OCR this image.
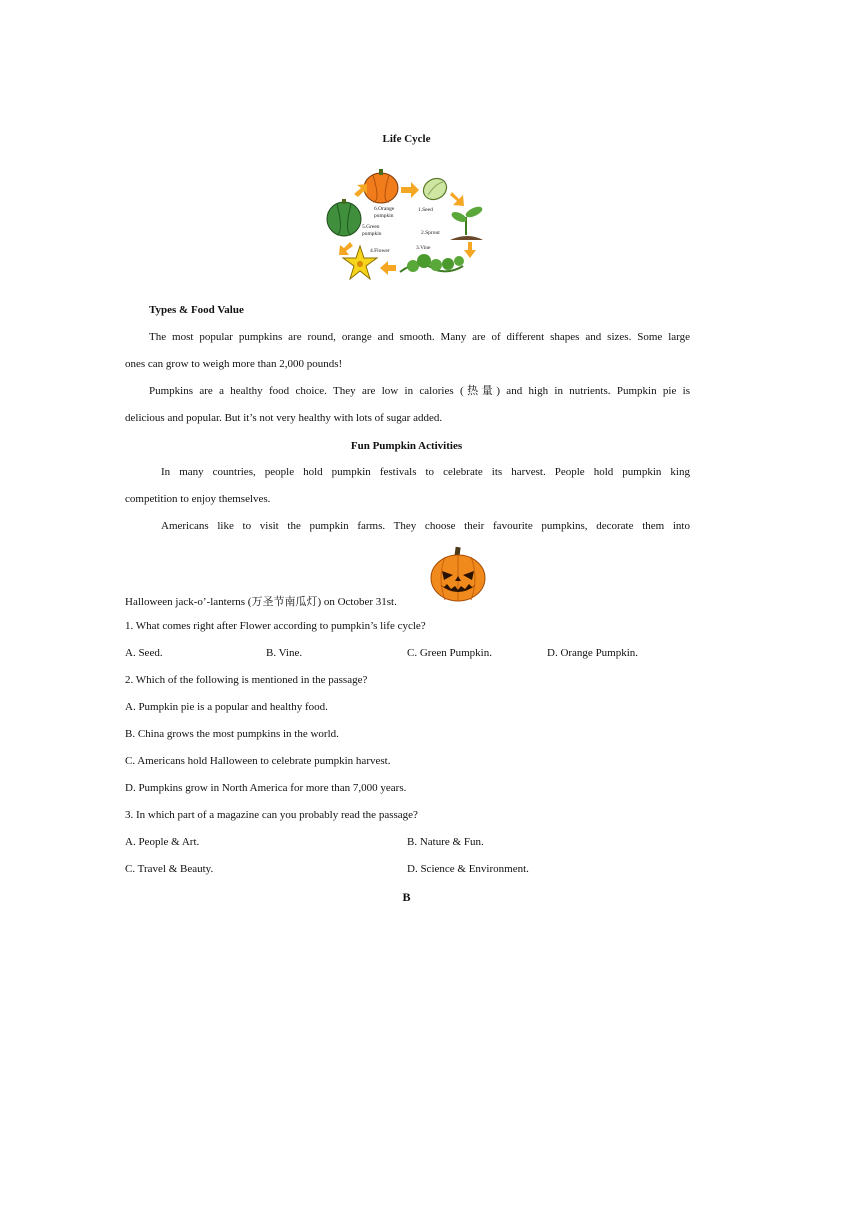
Life Cycle
6.Orange
pumpkin
1.Seed
2.Sprout
3.Vine
4.Flower
5.Green
pumpkin
Types & Food Value
The most popular pumpkins are round, orange and smooth. Many are of different shapes and sizes. Some large
ones can grow to weigh more than 2,000 pounds!
Pumpkins are a healthy food choice. They are low in calories (热量) and high in nutrients. Pumpkin pie is
delicious and popular. But it’s not very healthy with lots of sugar added.
Fun Pumpkin Activities
In many countries, people hold pumpkin festivals to celebrate its harvest. People hold pumpkin king
competition to enjoy themselves.
Americans like to visit the pumpkin farms. They choose their favourite pumpkins, decorate them into
Halloween jack-o’-lanterns (万圣节南瓜灯) on October 31st.
1. What comes right after Flower according to pumpkin’s life cycle?
A. Seed.	B. Vine.	C. Green Pumpkin.	D. Orange Pumpkin.
2. Which of the following is mentioned in the passage?
A. Pumpkin pie is a popular and healthy food.
B. China grows the most pumpkins in the world.
C. Americans hold Halloween to celebrate pumpkin harvest.
D. Pumpkins grow in North America for more than 7,000 years.
3. In which part of a magazine can you probably read the passage?
A. People & Art.	B. Nature & Fun.
C. Travel & Beauty.	D. Science & Environment.
B
